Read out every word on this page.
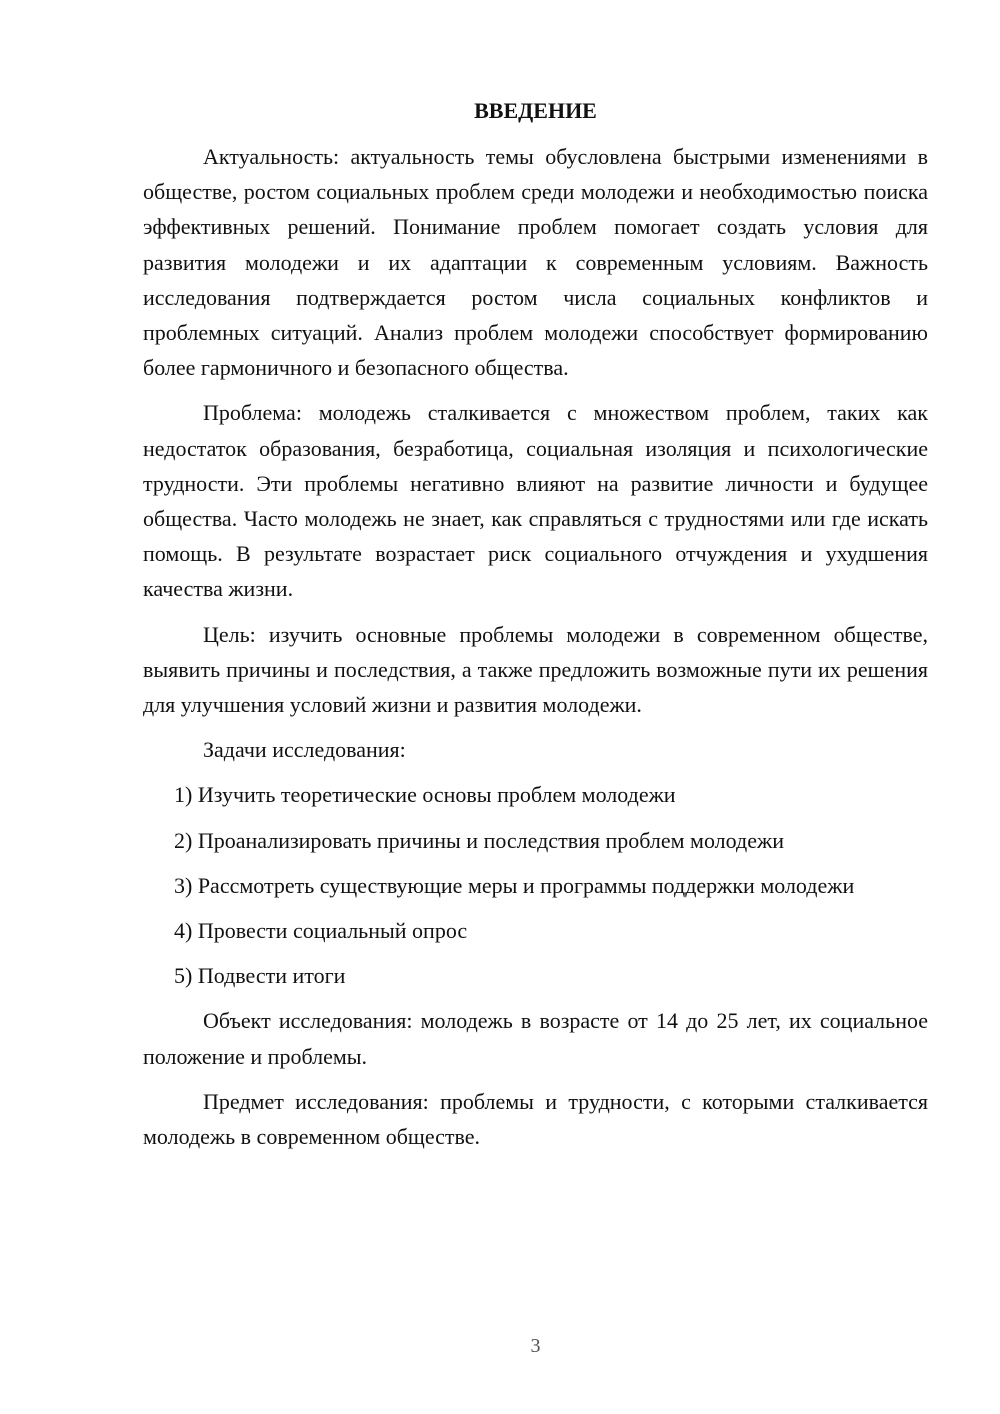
ВВЕДЕНИЕ

Актуальность: актуальность темы обусловлена быстрыми изменениями в обществе, ростом социальных проблем среди молодежи и необходимостью поиска эффективных решений. Понимание проблем помогает создать условия для развития молодежи и их адаптации к современным условиям. Важность исследования подтверждается ростом числа социальных конфликтов и проблемных ситуаций. Анализ проблем молодежи способствует формированию более гармоничного и безопасного общества.

Проблема: молодежь сталкивается с множеством проблем, таких как недостаток образования, безработица, социальная изоляция и психологические трудности. Эти проблемы негативно влияют на развитие личности и будущее общества. Часто молодежь не знает, как справляться с трудностями или где искать помощь. В результате возрастает риск социального отчуждения и ухудшения качества жизни.

Цель: изучить основные проблемы молодежи в современном обществе, выявить причины и последствия, а также предложить возможные пути их решения для улучшения условий жизни и развития молодежи.

Задачи исследования:

1) Изучить теоретические основы проблем молодежи

2) Проанализировать причины и последствия проблем молодежи

3) Рассмотреть существующие меры и программы поддержки молодежи

4) Провести социальный опрос

5) Подвести итоги

Объект исследования: молодежь в возрасте от 14 до 25 лет, их социальное положение и проблемы.

Предмет исследования: проблемы и трудности, с которыми сталкивается молодежь в современном обществе.

3
